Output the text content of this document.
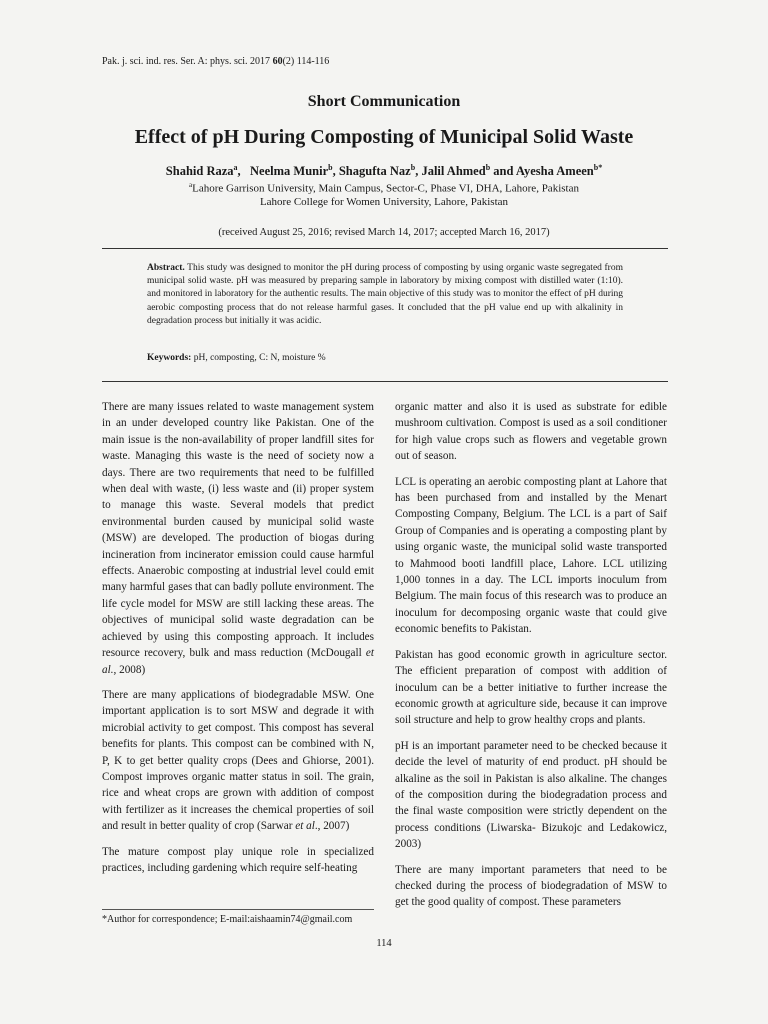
Pak. j. sci. ind. res. Ser. A: phys. sci. 2017 60(2) 114-116
Short Communication
Effect of pH During Composting of Municipal Solid Waste
Shahid Raza$^a$,   Neelma Munir$^b$, Shagufta Naz$^b$, Jalil Ahmed$^b$ and Ayesha Ameen$^{b*}$
$^a$Lahore Garrison University, Main Campus, Sector-C, Phase VI, DHA, Lahore, Pakistan
Lahore College for Women University, Lahore, Pakistan
(received August 25, 2016; revised March 14, 2017; accepted March 16, 2017)
Abstract. This study was designed to monitor the pH during process of composting by using organic waste segregated from municipal solid waste. pH was measured by preparing sample in laboratory by mixing compost with distilled water (1:10). and monitored in laboratory for the authentic results. The main objective of this study was to monitor the effect of pH during aerobic composting process that do not release harmful gases. It concluded that the pH value end up with alkalinity in degradation process but initially it was acidic.
Keywords: pH, composting, C: N, moisture %

There are many issues related to waste management system in an under developed country like Pakistan. One of the main issue is the non-availability of proper landfill sites for waste. Managing this waste is the need of society now a days. There are two requirements that need to be fulfilled when deal with waste, (i) less waste and (ii) proper system to manage this waste. Several models that predict environmental burden caused by municipal solid waste (MSW) are developed. The production of biogas during incineration from incinerator emission could cause harmful effects. Anaerobic composting at industrial level could emit many harmful gases that can badly pollute environment. The life cycle model for MSW are still lacking these areas. The objectives of municipal solid waste degradation can be achieved by using this composting approach. It includes resource recovery, bulk and mass reduction (McDougall et al., 2008)

There are many applications of biodegradable MSW. One important application is to sort MSW and degrade it with microbial activity to get compost. This compost has several benefits for plants. This compost can be combined with N, P, K to get better quality crops (Dees and Ghiorse, 2001). Compost improves organic matter status in soil. The grain, rice and wheat crops are grown with addition of compost with fertilizer as it increases the chemical properties of soil and result in better quality of crop (Sarwar et al., 2007)

The mature compost play unique role in specialized practices, including gardening which require self-heating

organic matter and also it is used as substrate for edible mushroom cultivation. Compost is used as a soil conditioner for high value crops such as flowers and vegetable grown out of season.

LCL is operating an aerobic composting plant at Lahore that has been purchased from and installed by the Menart Composting Company, Belgium. The LCL is a part of Saif Group of Companies and is operating a composting plant by using organic waste, the municipal solid waste transported to Mahmood booti landfill place, Lahore. LCL utilizing 1,000 tonnes in a day. The LCL imports inoculum from Belgium. The main focus of this research was to produce an inoculum for decomposing organic waste that could give economic benefits to Pakistan.

Pakistan has good economic growth in agriculture sector. The efficient preparation of compost with addition of inoculum can be a better initiative to further increase the economic growth at agriculture side, because it can improve soil structure and help to grow healthy crops and plants.

pH is an important parameter need to be checked because it decide the level of maturity of end product. pH should be alkaline as the soil in Pakistan is also alkaline. The changes of the composition during the biodegradation process and the final waste composition were strictly dependent on the process conditions (Liwarska- Bizukojc and Ledakowicz, 2003)

There are many important parameters that need to be checked during the process of biodegradation of MSW to get the good quality of compost. These parameters

*Author for correspondence; E-mail:aishaamin74@gmail.com
114
